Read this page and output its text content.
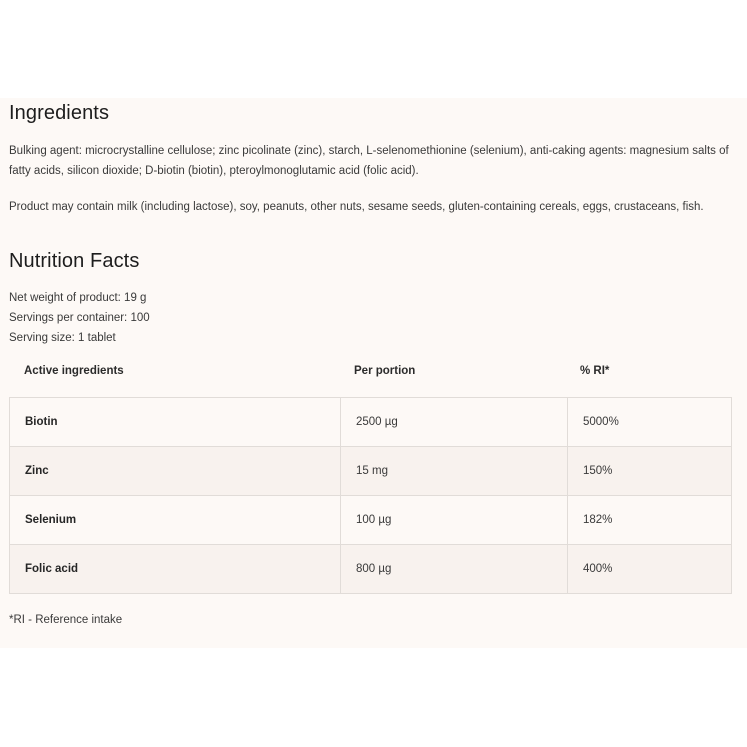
Ingredients
Bulking agent: microcrystalline cellulose; zinc picolinate (zinc), starch, L-selenomethionine (selenium), anti-caking agents: magnesium salts of fatty acids, silicon dioxide; D-biotin (biotin), pteroylmonoglutamic acid (folic acid).
Product may contain milk (including lactose), soy, peanuts, other nuts, sesame seeds, gluten-containing cereals, eggs, crustaceans, fish.
Nutrition Facts
Net weight of product: 19 g
Servings per container: 100
Serving size: 1 tablet
Active ingredients	Per portion	% RI*
Biotin	2500 µg	5000%
Zinc	15 mg	150%
Selenium	100 µg	182%
Folic acid	800 µg	400%
*RI - Reference intake
